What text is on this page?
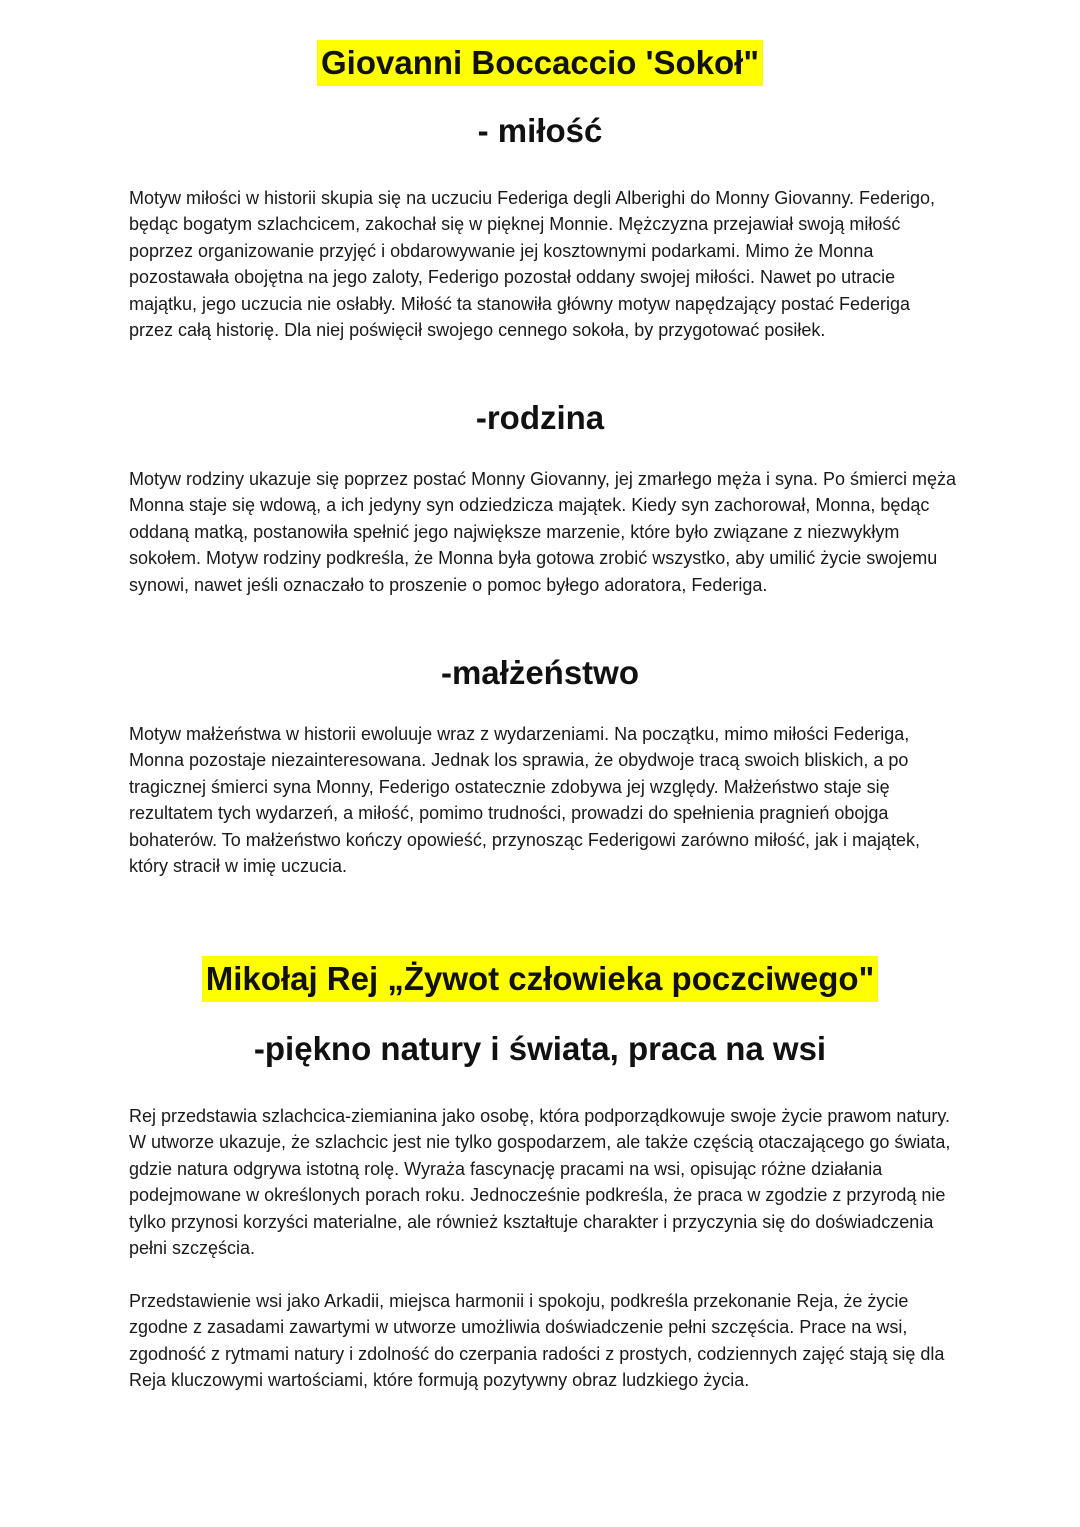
Giovanni Boccaccio 'Sokoł"
- miłość

Motyw miłości w historii skupia się na uczuciu Federiga degli Alberighi do Monny Giovanny. Federigo, będąc bogatym szlachcicem, zakochał się w pięknej Monnie. Mężczyzna przejawiał swoją miłość poprzez organizowanie przyjęć i obdarowywanie jej kosztownymi podarkami. Mimo że Monna pozostawała obojętna na jego zaloty, Federigo pozostał oddany swojej miłości. Nawet po utracie majątku, jego uczucia nie osłabły. Miłość ta stanowiła główny motyw napędzający postać Federiga przez całą historię. Dla niej poświęcił swojego cennego sokoła, by przygotować posiłek.

-rodzina

Motyw rodziny ukazuje się poprzez postać Monny Giovanny, jej zmarłego męża i syna. Po śmierci męża Monna staje się wdową, a ich jedyny syn odziedzicza majątek. Kiedy syn zachorował, Monna, będąc oddaną matką, postanowiła spełnić jego największe marzenie, które było związane z niezwykłym sokołem. Motyw rodziny podkreśla, że Monna była gotowa zrobić wszystko, aby umilić życie swojemu synowi, nawet jeśli oznaczało to proszenie o pomoc byłego adoratora, Federiga.

-małżeństwo

Motyw małżeństwa w historii ewoluuje wraz z wydarzeniami. Na początku, mimo miłości Federiga, Monna pozostaje niezainteresowana. Jednak los sprawia, że obydwoje tracą swoich bliskich, a po tragicznej śmierci syna Monny, Federigo ostatecznie zdobywa jej względy. Małżeństwo staje się rezultatem tych wydarzeń, a miłość, pomimo trudności, prowadzi do spełnienia pragnień obojga bohaterów. To małżeństwo kończy opowieść, przynosząc Federigowi zarówno miłość, jak i majątek, który stracił w imię uczucia.

Mikołaj Rej „Żywot człowieka poczciwego"
-piękno natury i świata, praca na wsi

Rej przedstawia szlachcica-ziemianina jako osobę, która podporządkowuje swoje życie prawom natury. W utworze ukazuje, że szlachcic jest nie tylko gospodarzem, ale także częścią otaczającego go świata, gdzie natura odgrywa istotną rolę. Wyraża fascynację pracami na wsi, opisując różne działania podejmowane w określonych porach roku. Jednocześnie podkreśla, że praca w zgodzie z przyrodą nie tylko przynosi korzyści materialne, ale również kształtuje charakter i przyczynia się do doświadczenia pełni szczęścia.

Przedstawienie wsi jako Arkadii, miejsca harmonii i spokoju, podkreśla przekonanie Reja, że życie zgodne z zasadami zawartymi w utworze umożliwia doświadczenie pełni szczęścia. Prace na wsi, zgodność z rytmami natury i zdolność do czerpania radości z prostych, codziennych zajęć stają się dla Reja kluczowymi wartościami, które formują pozytywny obraz ludzkiego życia.
